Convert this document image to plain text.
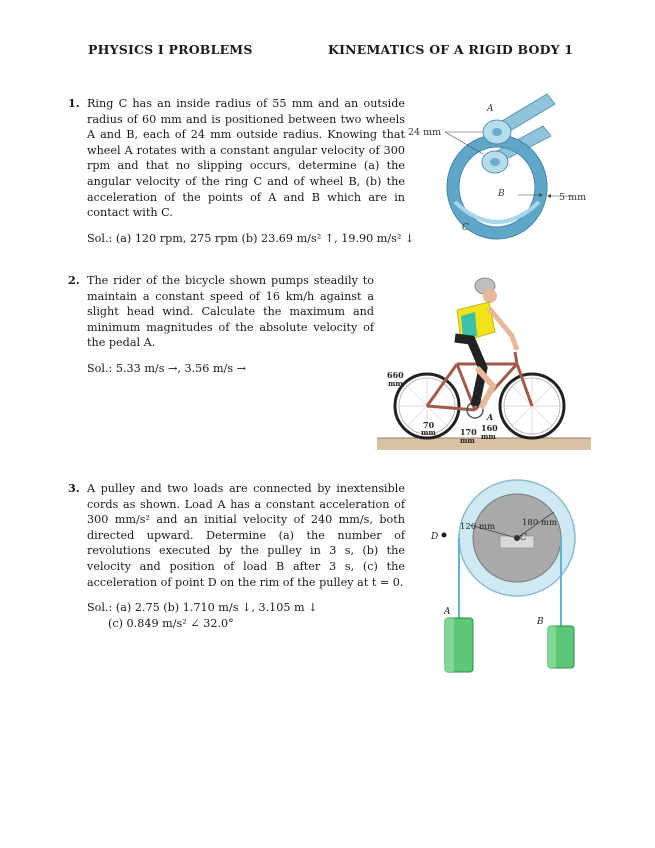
PHYSICS I PROBLEMS	KINEMATICS OF A RIGID BODY 1
1. Ring C has an inside radius of 55 mm and an outside radius of 60 mm and is positioned between two wheels A and B, each of 24 mm outside radius. Knowing that wheel A rotates with a constant angular velocity of 300 rpm and that no slipping occurs, determine (a) the angular velocity of the ring C and of wheel B, (b) the acceleration of the points of A and B which are in contact with C.
Sol.: (a) 120 rpm, 275 rpm (b) 23.69 m/s² ↑, 19.90 m/s² ↓
A
24 mm
B	5 mm
C
2. The rider of the bicycle shown pumps steadily to maintain a constant speed of 16 km/h against a slight head wind. Calculate the maximum and minimum magnitudes of the absolute velocity of the pedal A.
Sol.: 5.33 m/s →, 3.56 m/s →
660
mm
70
mm	170
mm
160
mm
A
3. A pulley and two loads are connected by inextensible cords as shown. Load A has a constant acceleration of 300 mm/s² and an initial velocity of 240 mm/s, both directed upward. Determine (a) the number of revolutions executed by the pulley in 3 s, (b) the velocity and position of load B after 3 s, (c) the acceleration of point D on the rim of the pulley at t = 0.
Sol.: (a) 2.75 (b) 1.710 m/s ↓, 3.105 m ↓
(c) 0.849 m/s² ∠ 32.0°
120 mm	180 mm
C
D
A
B
